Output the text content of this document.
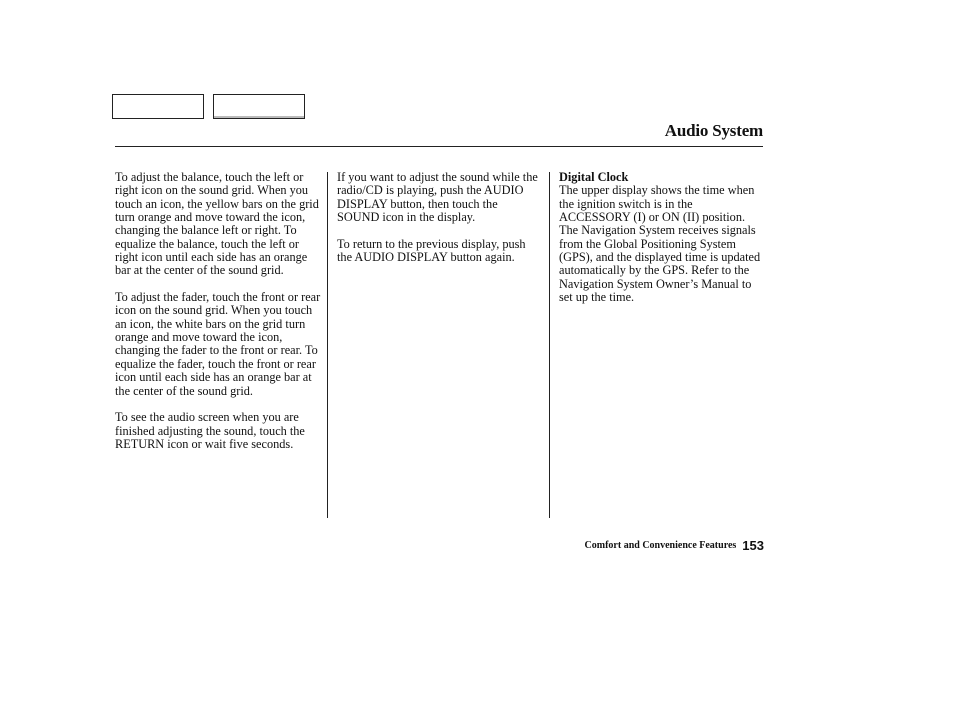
Audio System

To adjust the balance, touch the left or right icon on the sound grid. When you touch an icon, the yellow bars on the grid turn orange and move toward the icon, changing the balance left or right. To equalize the balance, touch the left or right icon until each side has an orange bar at the center of the sound grid.

To adjust the fader, touch the front or rear icon on the sound grid. When you touch an icon, the white bars on the grid turn orange and move toward the icon, changing the fader to the front or rear. To equalize the fader, touch the front or rear icon until each side has an orange bar at the center of the sound grid.

To see the audio screen when you are finished adjusting the sound, touch the RETURN icon or wait five seconds.

If you want to adjust the sound while the radio/CD is playing, push the AUDIO DISPLAY button, then touch the SOUND icon in the display.

To return to the previous display, push the AUDIO DISPLAY button again.

Digital Clock

The upper display shows the time when the ignition switch is in the ACCESSORY (I) or ON (II) position. The Navigation System receives signals from the Global Positioning System (GPS), and the displayed time is updated automatically by the GPS. Refer to the Navigation System Owner’s Manual to set up the time.

Comfort and Convenience Features 153
